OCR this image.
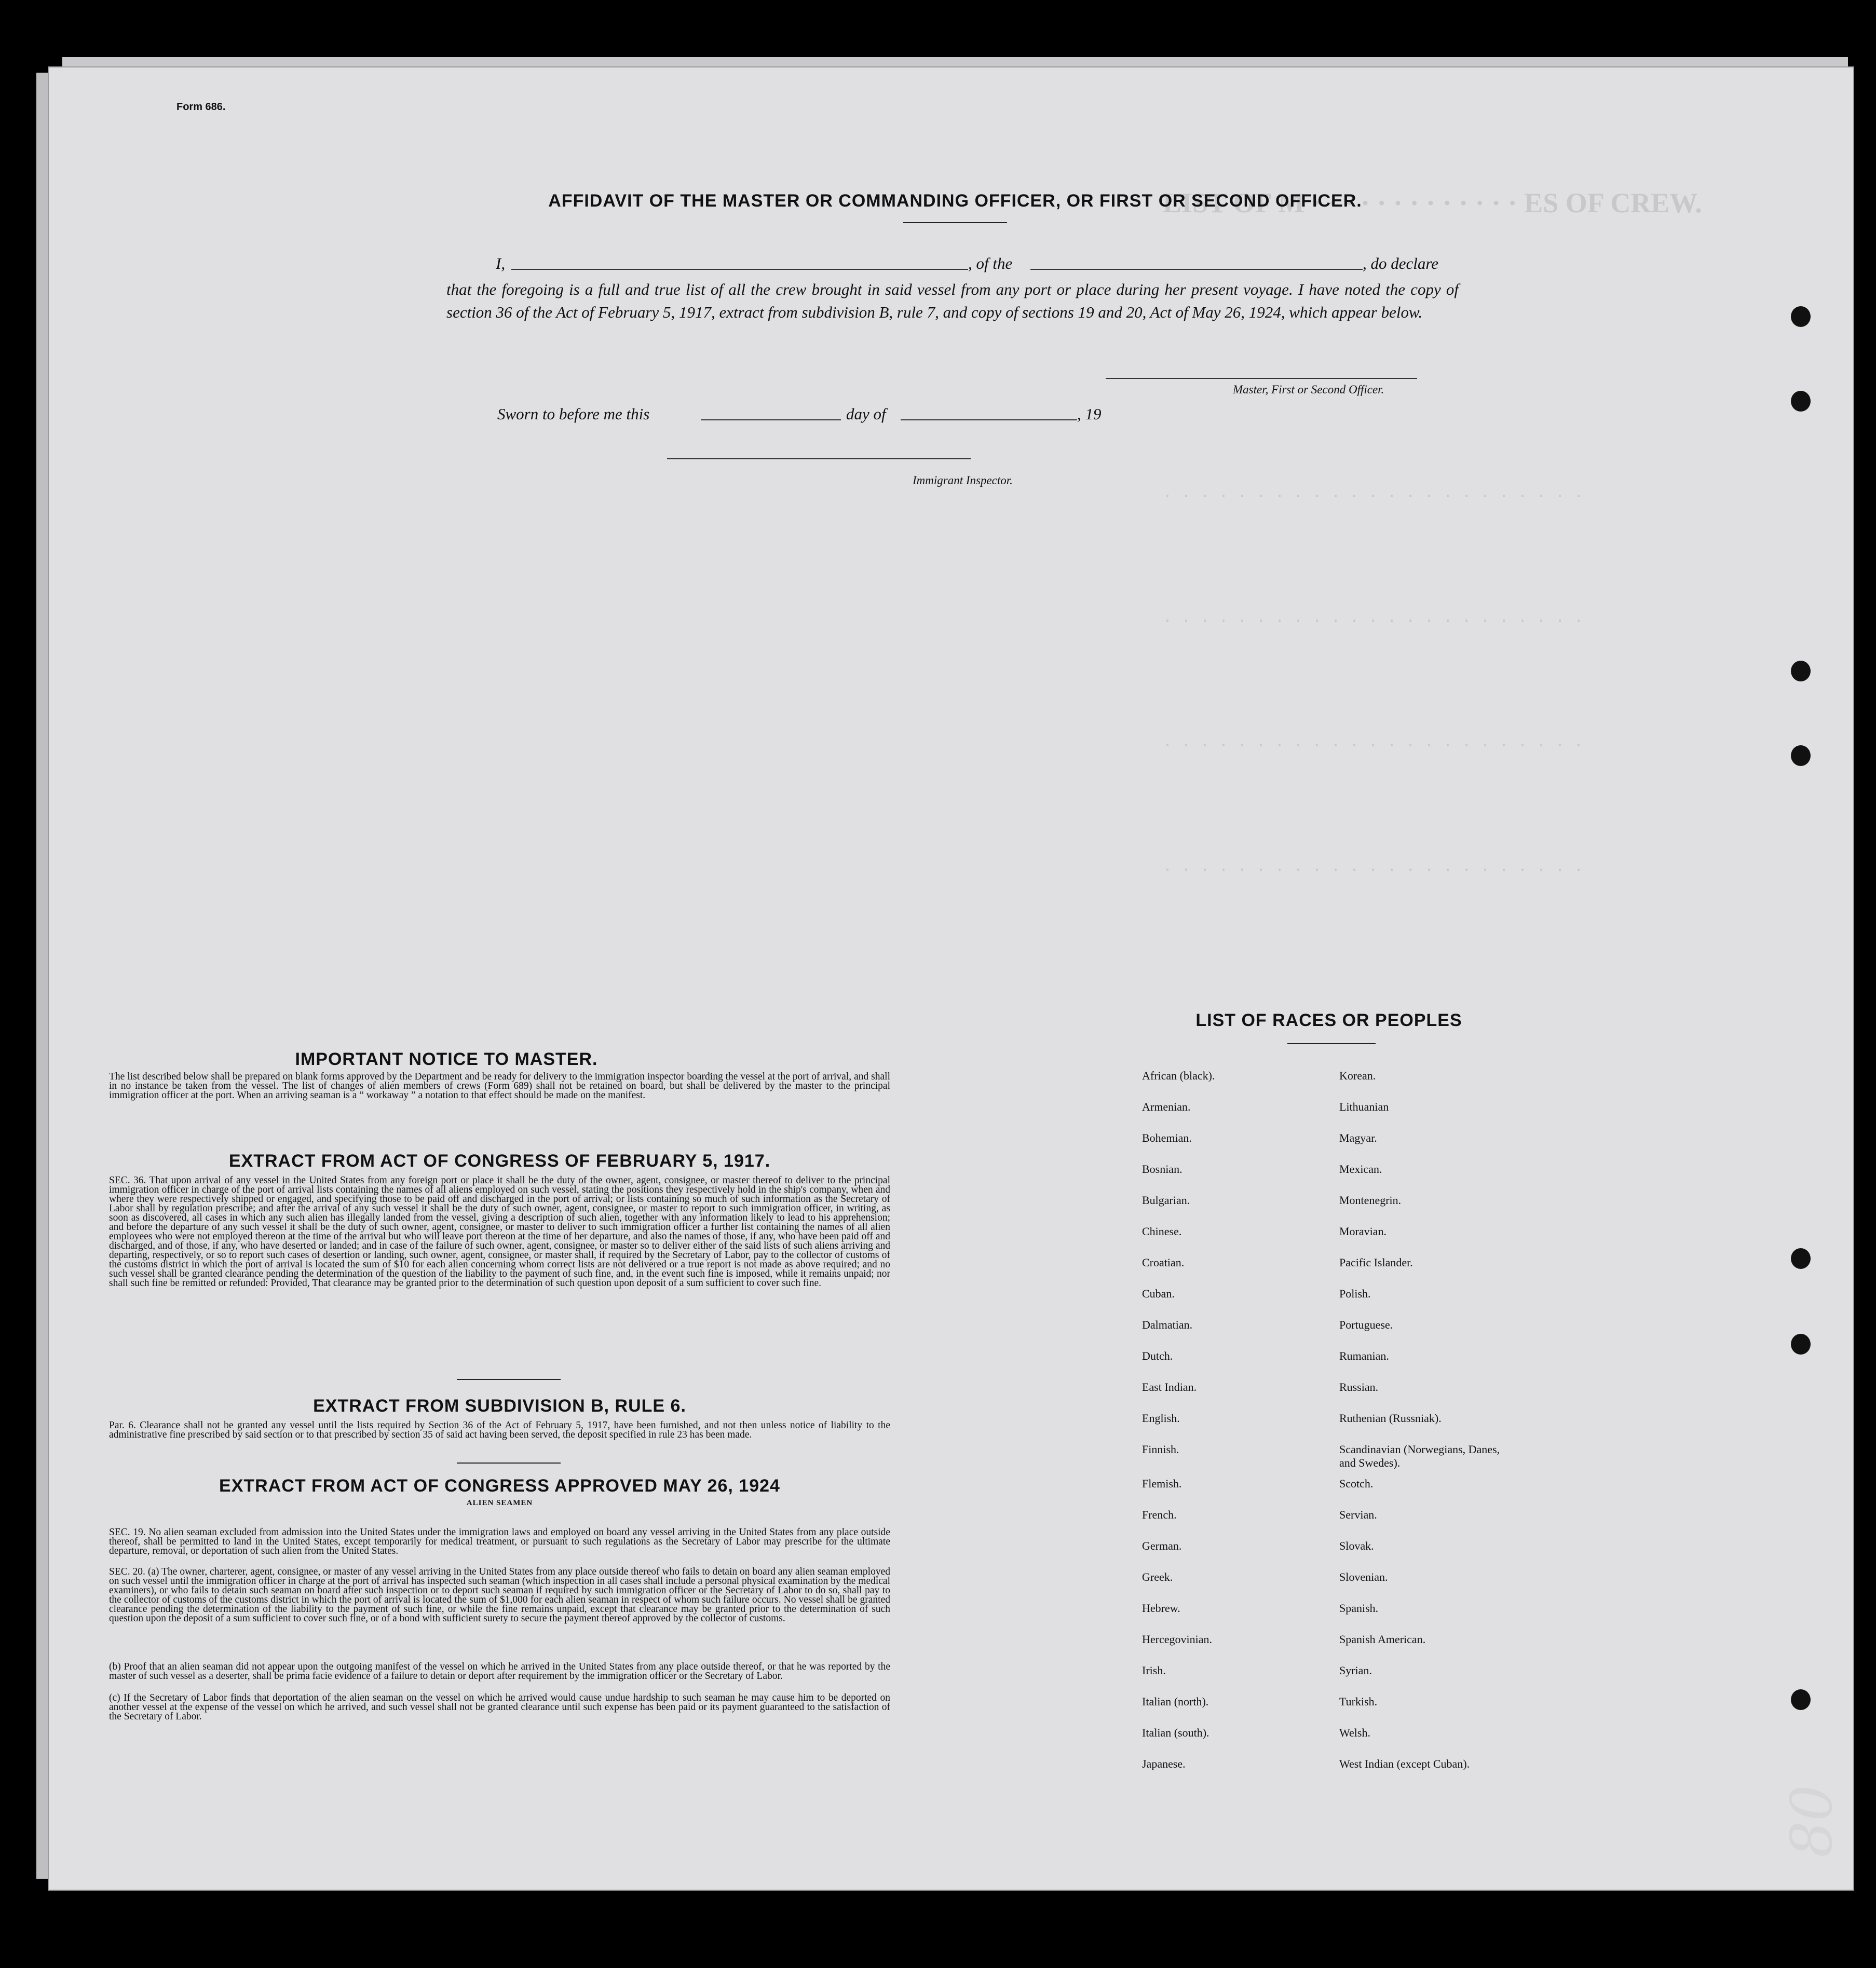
LIST OF M · · · · · · · · · · · · · ES OF CREW.
· · · · · · · · · · · · · · · · · · · · · · ·
· · · · · · · · · · · · · · · · · · · · · · ·
· · · · · · · · · · · · · · · · · · · · · · ·
· · · · · · · · · · · · · · · · · · · · · · ·
80
Form 686.
AFFIDAVIT OF THE MASTER OR COMMANDING OFFICER, OR FIRST OR SECOND OFFICER.
I,	, of the	, do declare
that the foregoing is a full and true list of all the crew brought in said vessel from any port or place during her present voyage. I have noted the copy of section 36 of the Act of February 5, 1917, extract from subdivision B, rule 7, and copy of sections 19 and 20, Act of May 26, 1924, which appear below.
Master, First or Second Officer.
Sworn to before me this	day of	, 19
Immigrant Inspector.
IMPORTANT NOTICE TO MASTER.
The list described below shall be prepared on blank forms approved by the Department and be ready for delivery to the immigration inspector boarding the vessel at the port of arrival, and shall in no instance be taken from the vessel. The list of changes of alien members of crews (Form 689) shall not be retained on board, but shall be delivered by the master to the principal immigration officer at the port. When an arriving seaman is a “ workaway ” a notation to that effect should be made on the manifest.
EXTRACT FROM ACT OF CONGRESS OF FEBRUARY 5, 1917.
SEC. 36. That upon arrival of any vessel in the United States from any foreign port or place it shall be the duty of the owner, agent, consignee, or master thereof to deliver to the principal immigration officer in charge of the port of arrival lists containing the names of all aliens employed on such vessel, stating the positions they respectively hold in the ship's company, when and where they were respectively shipped or engaged, and specifying those to be paid off and discharged in the port of arrival; or lists containing so much of such information as the Secretary of Labor shall by regulation prescribe; and after the arrival of any such vessel it shall be the duty of such owner, agent, consignee, or master to report to such immigration officer, in writing, as soon as discovered, all cases in which any such alien has illegally landed from the vessel, giving a description of such alien, together with any information likely to lead to his apprehension; and before the departure of any such vessel it shall be the duty of such owner, agent, consignee, or master to deliver to such immigration officer a further list containing the names of all alien employees who were not employed thereon at the time of the arrival but who will leave port thereon at the time of her departure, and also the names of those, if any, who have been paid off and discharged, and of those, if any, who have deserted or landed; and in case of the failure of such owner, agent, consignee, or master so to deliver either of the said lists of such aliens arriving and departing, respectively, or so to report such cases of desertion or landing, such owner, agent, consignee, or master shall, if required by the Secretary of Labor, pay to the collector of customs of the customs district in which the port of arrival is located the sum of $10 for each alien concerning whom correct lists are not delivered or a true report is not made as above required; and no such vessel shall be granted clearance pending the determination of the question of the liability to the payment of such fine, and, in the event such fine is imposed, while it remains unpaid; nor shall such fine be remitted or refunded: Provided, That clearance may be granted prior to the determination of such question upon deposit of a sum sufficient to cover such fine.
EXTRACT FROM SUBDIVISION B, RULE 6.
Par. 6. Clearance shall not be granted any vessel until the lists required by Section 36 of the Act of February 5, 1917, have been furnished, and not then unless notice of liability to the administrative fine prescribed by said section or to that prescribed by section 35 of said act having been served, the deposit specified in rule 23 has been made.
EXTRACT FROM ACT OF CONGRESS APPROVED MAY 26, 1924
ALIEN SEAMEN
SEC. 19. No alien seaman excluded from admission into the United States under the immigration laws and employed on board any vessel arriving in the United States from any place outside thereof, shall be permitted to land in the United States, except temporarily for medical treatment, or pursuant to such regulations as the Secretary of Labor may prescribe for the ultimate departure, removal, or deportation of such alien from the United States.
SEC. 20. (a) The owner, charterer, agent, consignee, or master of any vessel arriving in the United States from any place outside thereof who fails to detain on board any alien seaman employed on such vessel until the immigration officer in charge at the port of arrival has inspected such seaman (which inspection in all cases shall include a personal physical examination by the medical examiners), or who fails to detain such seaman on board after such inspection or to deport such seaman if required by such immigration officer or the Secretary of Labor to do so, shall pay to the collector of customs of the customs district in which the port of arrival is located the sum of $1,000 for each alien seaman in respect of whom such failure occurs. No vessel shall be granted clearance pending the determination of the liability to the payment of such fine, or while the fine remains unpaid, except that clearance may be granted prior to the determination of such question upon the deposit of a sum sufficient to cover such fine, or of a bond with sufficient surety to secure the payment thereof approved by the collector of customs.
(b) Proof that an alien seaman did not appear upon the outgoing manifest of the vessel on which he arrived in the United States from any place outside thereof, or that he was reported by the master of such vessel as a deserter, shall be prima facie evidence of a failure to detain or deport after requirement by the immigration officer or the Secretary of Labor.
(c) If the Secretary of Labor finds that deportation of the alien seaman on the vessel on which he arrived would cause undue hardship to such seaman he may cause him to be deported on another vessel at the expense of the vessel on which he arrived, and such vessel shall not be granted clearance until such expense has been paid or its payment guaranteed to the satisfaction of the Secretary of Labor.
LIST OF RACES OR PEOPLES
African (black).
Armenian.
Bohemian.
Bosnian.
Bulgarian.
Chinese.
Croatian.
Cuban.
Dalmatian.
Dutch.
East Indian.
English.
Finnish.
Flemish.
French.
German.
Greek.
Hebrew.
Hercegovinian.
Irish.
Italian (north).
Italian (south).
Japanese.
Korean.
Lithuanian
Magyar.
Mexican.
Montenegrin.
Moravian.
Pacific Islander.
Polish.
Portuguese.
Rumanian.
Russian.
Ruthenian (Russniak).
Scandinavian (Norwegians, Danes, and Swedes).
Scotch.
Servian.
Slovak.
Slovenian.
Spanish.
Spanish American.
Syrian.
Turkish.
Welsh.
West Indian (except Cuban).
